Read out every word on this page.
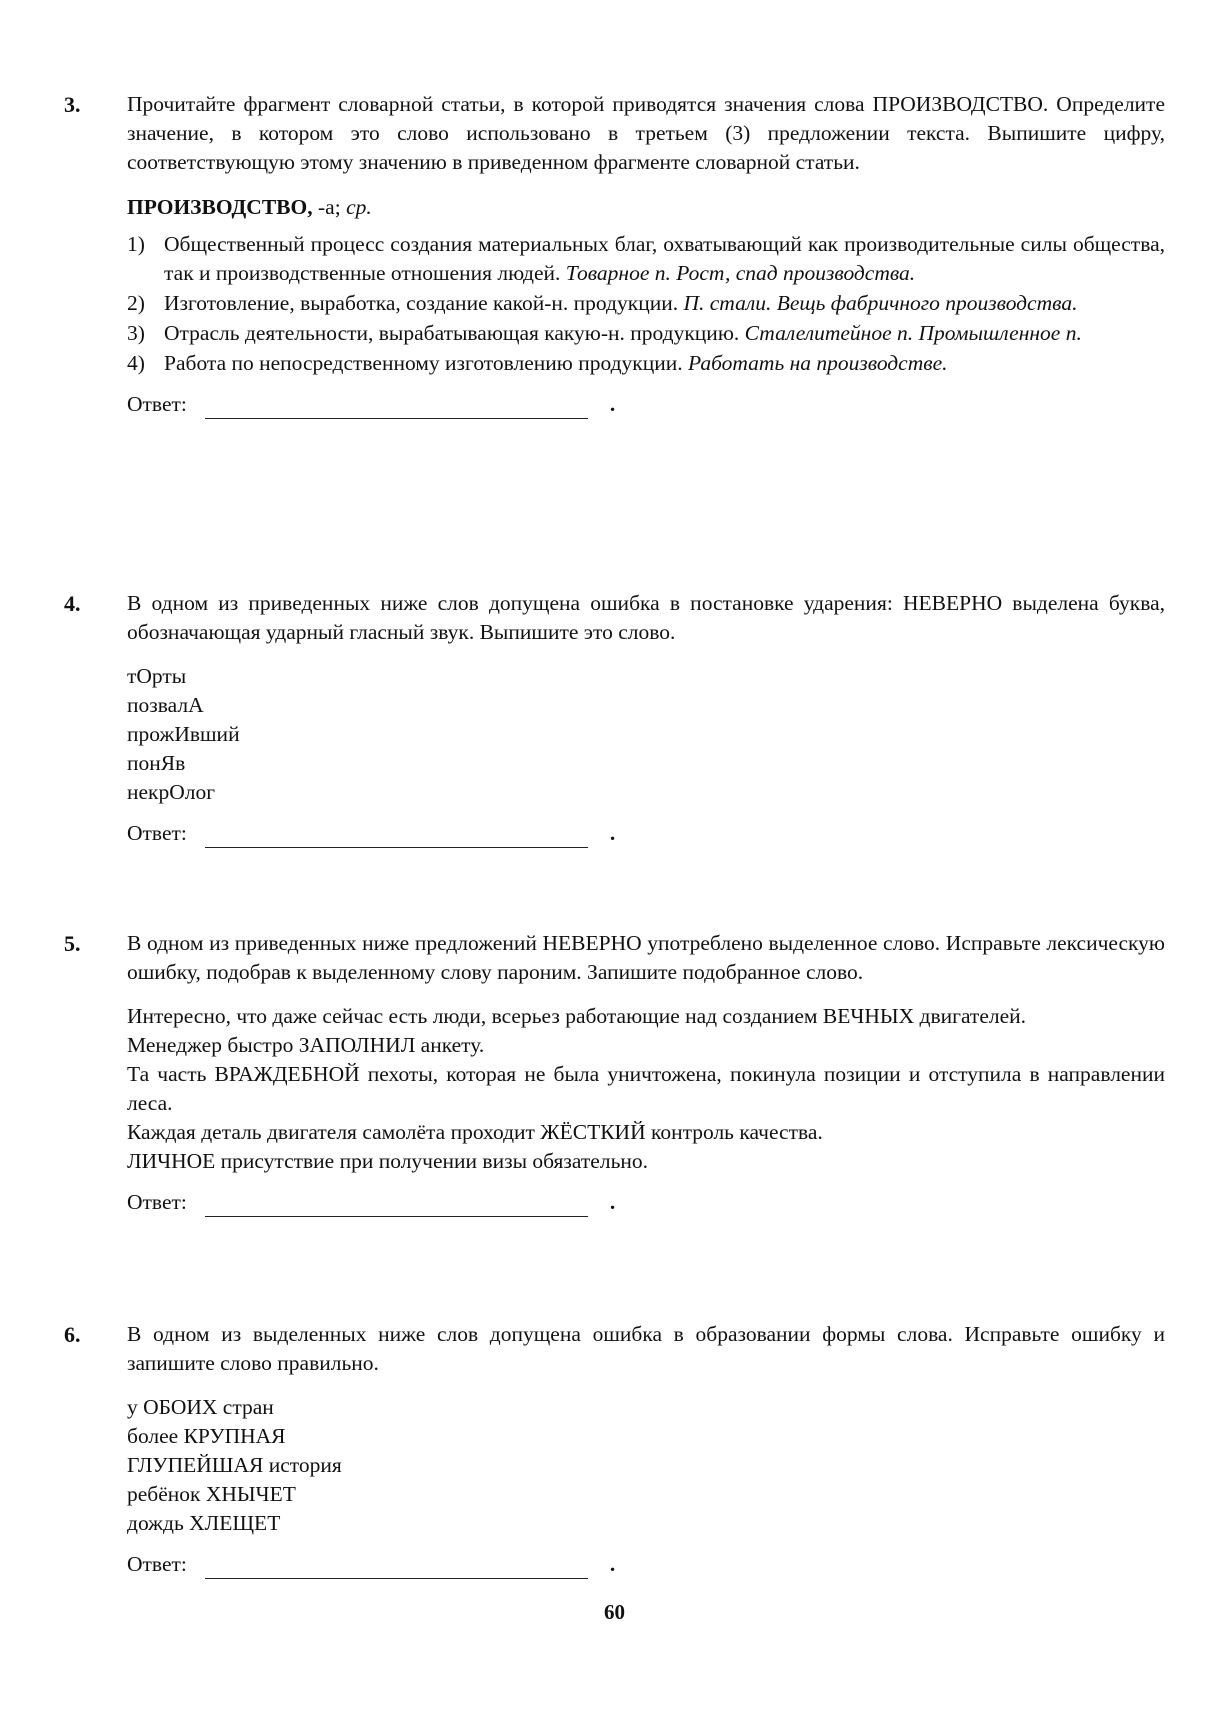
3. Прочитайте фрагмент словарной статьи, в которой приводятся значения слова ПРОИЗВОДСТВО. Определите значение, в котором это слово использовано в третьем (3) предложении текста. Выпишите цифру, соответствующую этому значению в приведенном фрагменте словарной статьи.

ПРОИЗВОДСТВО, -а; ср.

1) Общественный процесс создания материальных благ, охватывающий как производительные силы общества, так и производственные отношения людей. Товарное п. Рост, спад производства.
2) Изготовление, выработка, создание какой-н. продукции. П. стали. Вещь фабричного производства.
3) Отрасль деятельности, вырабатывающая какую-н. продукцию. Сталелитейное п. Промышленное п.
4) Работа по непосредственному изготовлению продукции. Работать на производстве.
Ответ:	.
4. В одном из приведенных ниже слов допущена ошибка в постановке ударения: НЕВЕРНО выделена буква, обозначающая ударный гласный звук. Выпишите это слово.

тОрты

позвалА

прожИвший

понЯв

некрОлог

Ответ:	.
5. В одном из приведенных ниже предложений НЕВЕРНО употреблено выделенное слово. Исправьте лексическую ошибку, подобрав к выделенному слову пароним. Запишите подобранное слово.

Интересно, что даже сейчас есть люди, всерьез работающие над созданием ВЕЧНЫХ двигателей.

Менеджер быстро ЗАПОЛНИЛ анкету.

Та часть ВРАЖДЕБНОЙ пехоты, которая не была уничтожена, покинула позиции и отступила в направлении леса.

Каждая деталь двигателя самолёта проходит ЖЁСТКИЙ контроль качества.

ЛИЧНОЕ присутствие при получении визы обязательно.

Ответ:	.
6. В одном из выделенных ниже слов допущена ошибка в образовании формы слова. Исправьте ошибку и запишите слово правильно.

у ОБОИХ стран

более КРУПНАЯ

ГЛУПЕЙШАЯ история

ребёнок ХНЫЧЕТ

дождь ХЛЕЩЕТ

Ответ:	.
60
